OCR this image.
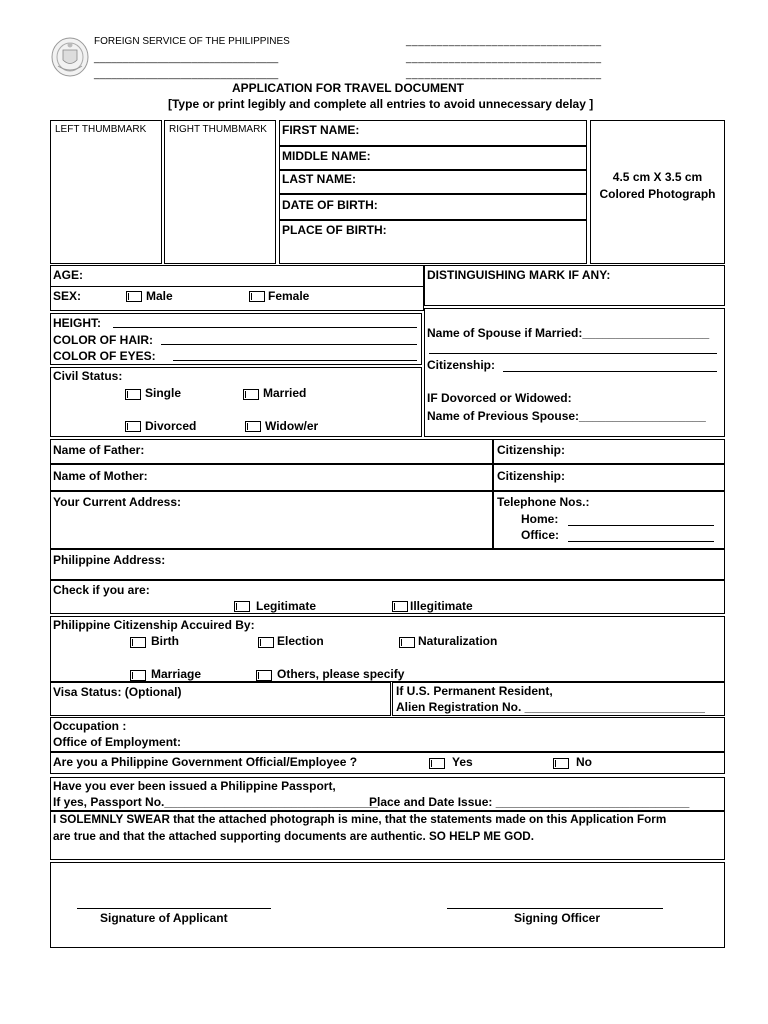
FOREIGN SERVICE OF THE PHILIPPINES	________________________________
________________________________	________________________________
________________________________	________________________________
APPLICATION FOR TRAVEL DOCUMENT
[Type or print legibly and complete all entries to avoid unnecessary delay ]
LEFT THUMBMARK RIGHT THUMBMARK FIRST NAME:
MIDDLE NAME:
LAST NAME:
DATE OF BIRTH:
PLACE OF BIRTH:
4.5 cm X 3.5 cm
Colored Photograph
AGE:
SEX:	Male	Female
DISTINGUISHING MARK IF ANY:
HEIGHT:
COLOR OF HAIR:
COLOR OF EYES:
Civil Status:
Single	Married
Divorced	Widow/er
Name of Spouse if Married:___________________
Citizenship:
IF Dovorced or Widowed:
Name of Previous Spouse:___________________
Name of Father:	Citizenship:
Name of Mother:	Citizenship:
Your Current Address:	Telephone Nos.:
Home:
Office:
Philippine Address:
Check if you are:
Legitimate	Illegitimate
Philippine Citizenship Accuired By:
Birth	Election	Naturalization
Marriage	Others, please specify
Visa Status: (Optional)	If U.S. Permanent Resident,
Alien Registration No. ___________________________
Occupation :
Office of Employment:
Are you a Philippine Government Official/Employee ?	Yes	No
Have you ever been issued a Philippine Passport,
If yes, Passport No.________________________________
Place and Date Issue: _____________________________
I SOLEMNLY SWEAR that the attached photograph is mine, that the statements made on this Application Form
are true and that the attached supporting documents are authentic. SO HELP ME GOD.
Signature of Applicant	Signing Officer
